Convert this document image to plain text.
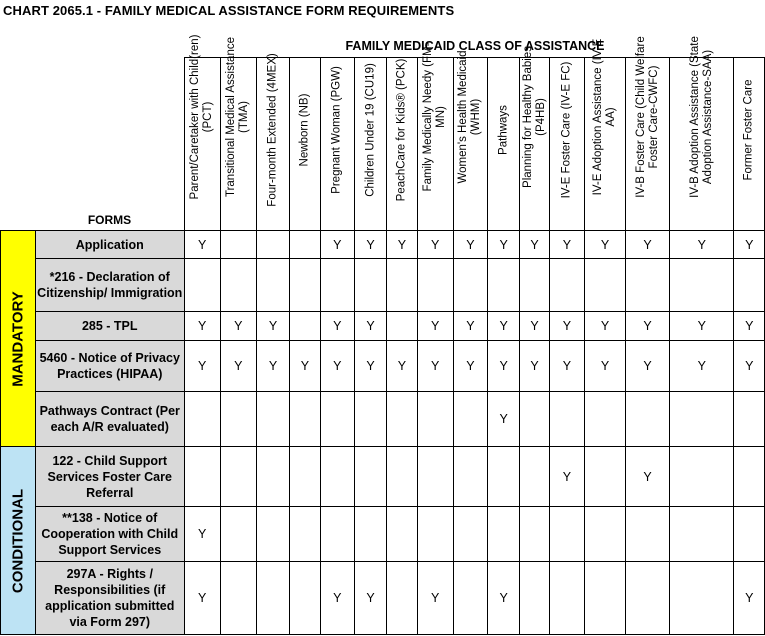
CHART 2065.1 - FAMILY MEDICAL ASSISTANCE FORM REQUIREMENTS
FAMILY MEDICAID CLASS OF ASSISTANCE
	FORMS	Parent/Caretaker with Child(ren) (PCT)	Transitional Medical Assistance (TMA)	Four-month Extended (4MEX)	Newborn (NB)	Pregnant Woman (PGW)	Children Under 19 (CU19)	PeachCare for Kids® (PCK)	Family Medically Needy (FM-MN)	Women's Health Medicaid (WHM)	Pathways	Planning for Healthy Babies (P4HB)	IV-E Foster Care (IV-E FC)	IV-E Adoption Assistance (IV-E AA)	IV-B Foster Care (Child Welfare Foster Care-CWFC)	IV-B Adoption Assistance (State Adoption Assistance-SAA)	Former Foster Care

MANDATORY	Application	Y				Y	Y	Y	Y	Y	Y	Y	Y	Y	Y	Y	Y
	*216 - Declaration of Citizenship/ Immigration																
	285 - TPL	Y	Y	Y		Y	Y		Y	Y	Y	Y	Y	Y	Y	Y	Y
	5460 - Notice of Privacy Practices (HIPAA)	Y	Y	Y	Y	Y	Y	Y	Y	Y	Y	Y	Y	Y	Y	Y	Y
	Pathways Contract (Per each A/R evaluated)										Y						

CONDITIONAL	122 - Child Support Services Foster Care Referral												Y		Y		
	**138 - Notice of Cooperation with Child Support Services	Y															
	297A - Rights / Responsibilities (if application submitted via Form 297)	Y				Y	Y		Y		Y						Y
